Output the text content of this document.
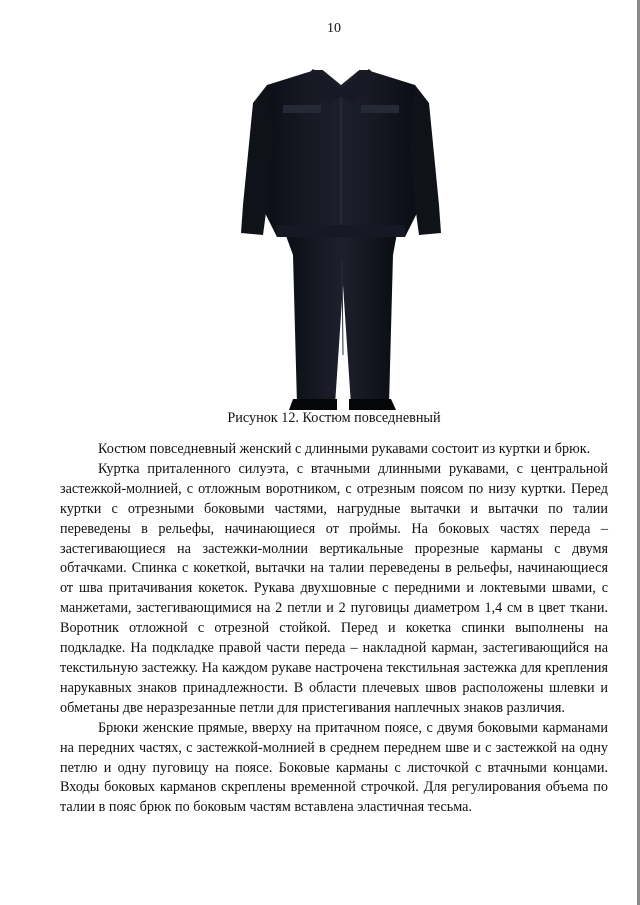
10
Рисунок 12. Костюм повседневный

Костюм повседневный женский с длинными рукавами состоит из куртки и брюк.

Куртка приталенного силуэта, с втачными длинными рукавами, с центральной застежкой-молнией, с отложным воротником, с отрезным поясом по низу куртки. Перед куртки с отрезными боковыми частями, нагрудные вытачки и вытачки по талии переведены в рельефы, начинающиеся от проймы. На боковых частях переда – застегивающиеся на застежки-молнии вертикальные прорезные карманы с двумя обтачками. Спинка с кокеткой, вытачки на талии переведены в рельефы, начинающиеся от шва притачивания кокеток. Рукава двухшовные с передними и локтевыми швами, с манжетами, застегивающимися на 2 петли и 2 пуговицы диаметром 1,4 см в цвет ткани. Воротник отложной с отрезной стойкой. Перед и кокетка спинки выполнены на подкладке. На подкладке правой части переда – накладной карман, застегивающийся на текстильную застежку. На каждом рукаве настрочена текстильная застежка для крепления нарукавных знаков принадлежности. В области плечевых швов расположены шлевки и обметаны две неразрезанные петли для пристегивания наплечных знаков различия.

Брюки женские прямые, вверху на притачном поясе, с двумя боковыми карманами на передних частях, с застежкой-молнией в среднем переднем шве и с застежкой на одну петлю и одну пуговицу на поясе. Боковые карманы с листочкой с втачными концами. Входы боковых карманов скреплены временной строчкой. Для регулирования объема по талии в пояс брюк по боковым частям вставлена эластичная тесьма.
